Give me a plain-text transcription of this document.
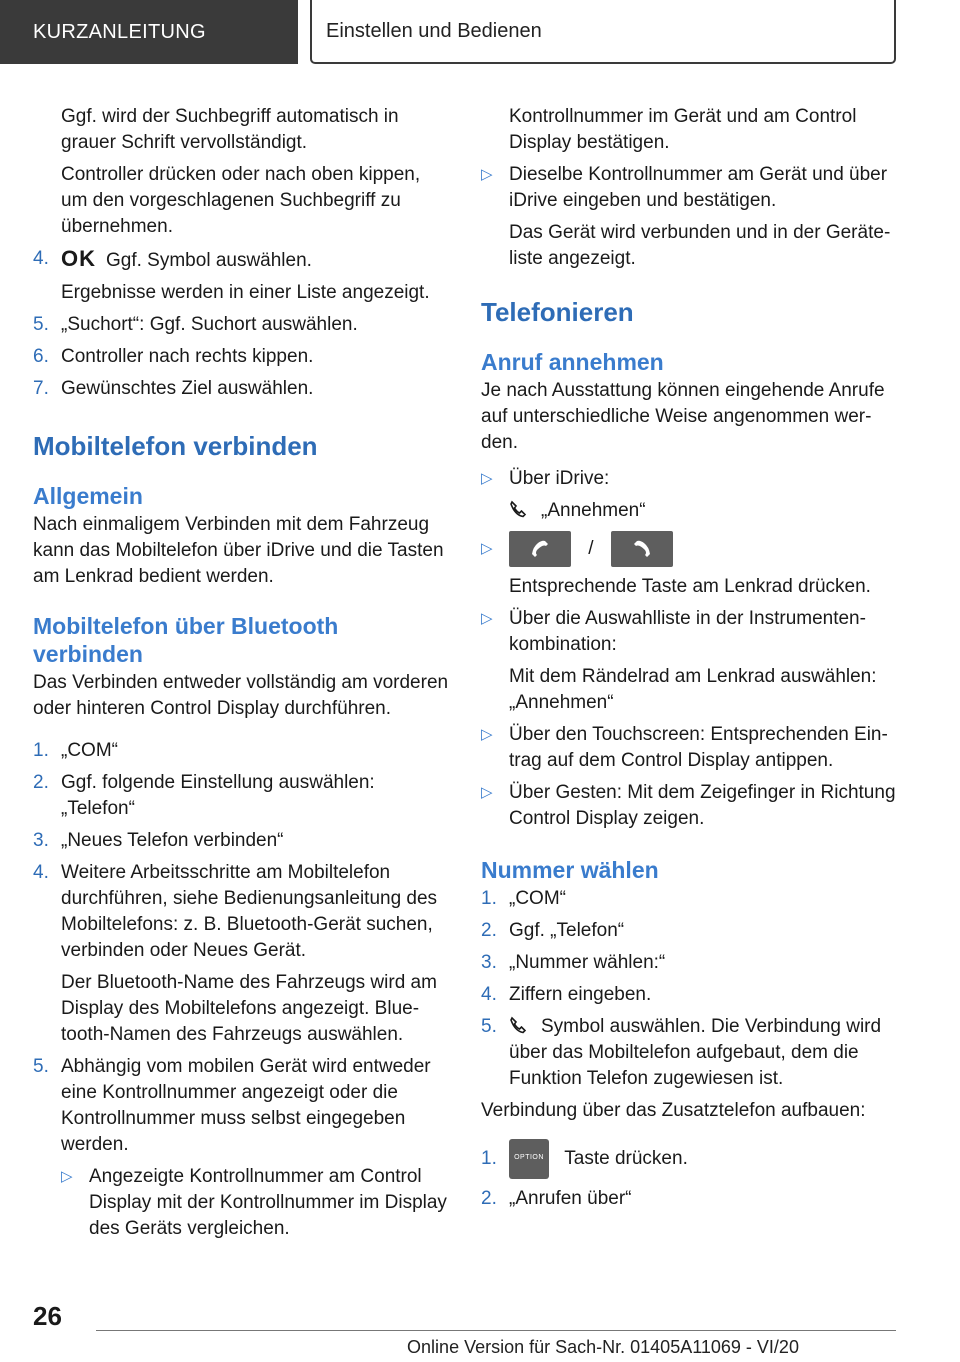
KURZANLEITUNG	Einstellen und Bedienen

Ggf. wird der Suchbegriff automatisch in grauer Schrift vervollständigt.

Controller drücken oder nach oben kippen, um den vorgeschlagenen Suchbegriff zu übernehmen.

4. OK Ggf. Symbol auswählen.

Ergebnisse werden in einer Liste angezeigt.

5. „Suchort“: Ggf. Suchort auswählen.
6. Controller nach rechts kippen.
7. Gewünschtes Ziel auswählen.
Mobiltelefon verbinden
Allgemein

Nach einmaligem Verbinden mit dem Fahrzeug kann das Mobiltelefon über iDrive und die Tasten am Lenkrad bedient werden.

Mobiltelefon über Bluetooth verbinden

Das Verbinden entweder vollständig am vorderen oder hinteren Control Display durchführen.

1. „COM“
2. Ggf. folgende Einstellung auswählen: „Telefon“
3. „Neues Telefon verbinden“
4. Weitere Arbeitsschritte am Mobiltelefon durchführen, siehe Bedienungsanleitung des Mobiltelefons: z. B. Bluetooth-Gerät suchen, verbinden oder Neues Gerät.

Der Bluetooth-Name des Fahrzeugs wird am Display des Mobiltelefons angezeigt. Bluetooth-Namen des Fahrzeugs auswählen.

5. Abhängig vom mobilen Gerät wird entweder eine Kontrollnummer angezeigt oder die Kontrollnummer muss selbst eingegeben werden.
▷ Angezeigte Kontrollnummer am Control Display mit der Kontrollnummer im Display des Geräts vergleichen.

Kontrollnummer im Gerät und am Control Display bestätigen.

▷ Dieselbe Kontrollnummer am Gerät und über iDrive eingeben und bestätigen.

Das Gerät wird verbunden und in der Geräteliste angezeigt.

Telefonieren
Anruf annehmen

Je nach Ausstattung können eingehende Anrufe auf unterschiedliche Weise angenommen werden.

▷ Über iDrive:

„Annehmen“

▷	/

Entsprechende Taste am Lenkrad drücken.

▷ Über die Auswahlliste in der Instrumentenkombination:

Mit dem Rändelrad am Lenkrad auswählen: „Annehmen“

▷ Über den Touchscreen: Entsprechenden Eintrag auf dem Control Display antippen.
▷ Über Gesten: Mit dem Zeigefinger in Richtung Control Display zeigen.
Nummer wählen
1. „COM“
2. Ggf. „Telefon“
3. „Nummer wählen:“
4. Ziffern eingeben.
5. Symbol auswählen. Die Verbindung wird über das Mobiltelefon aufgebaut, dem die Funktion Telefon zugewiesen ist.

Verbindung über das Zusatztelefon aufbauen:

1.	OPTION Taste drücken.
2. „Anrufen über“
26
Online Version für Sach-Nr. 01405A11069 - VI/20
